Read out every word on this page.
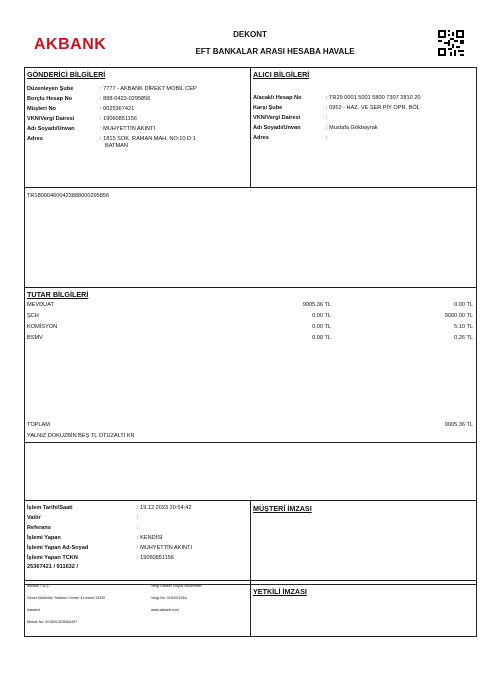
AKBANK
DEKONT
EFT BANKALAR ARASI HESABA HAVALE
GÖNDERİCİ BİLGİLERİ
Düzenleyen Şube	: 7777 - AKBANK DİREKT MOBİL CEP
Borçlu Hesap No	: 888-0423-0295856
Müşteri No	: 0025367421
VKN/Vergi Dairesi	: 19060851156
Adı Soyadı/Unvan	: MUHYETTİN AKINTI
Adres	: 1815 SOK. RAMAN MAH. NO:10 D:1
BATMAN
ALICI BİLGİLERİ
Alacaklı Hesap No	: TR29 0001 5001 5800 7307 2810 20
Karşı Şube	: 0952 - HAZ. VE SER PİY OPR. BÖL
VKN/Vergi Dairesi	:
Adı Soyadı/Unvan	: Mustafa Gökbayrak
Adres	:
TR180004600423888000295856
TUTAR BİLGİLERİ
MEVDUAT	9005.36 TL	0.00 TL
ŞCH	0.00 TL	9000.00 TL
KOMİSYON	0.00 TL	5.10 TL
BSMV	0.00 TL	0.26 TL
TOPLAM	9005.36 TL
YALNIZ DOKUZBİN BEŞ TL OTUZALTI KR
İşlem Tarihi/Saati	: 19.12.2023 20:54:42
Valör	:
Referans	:
İşlemi Yapan	: KENDİSİ
İşlemi Yapan Ad-Soyad	: MUHYETTİN AKINTI
İşlemi Yapan TCKN	: 19060851156
25367421 / 911632 /
MÜŞTERİ İMZASI
Akbank T.A.Ş.
Genel Müdürlük: Sabancı Center 4.Levent 34330
İstanbul
Mersis No: 0015001526400497
Vergi Dairesi: Büyük Mükellefler
Vergi No: 0150015264
www.akbank.com
YETKİLİ İMZASI
